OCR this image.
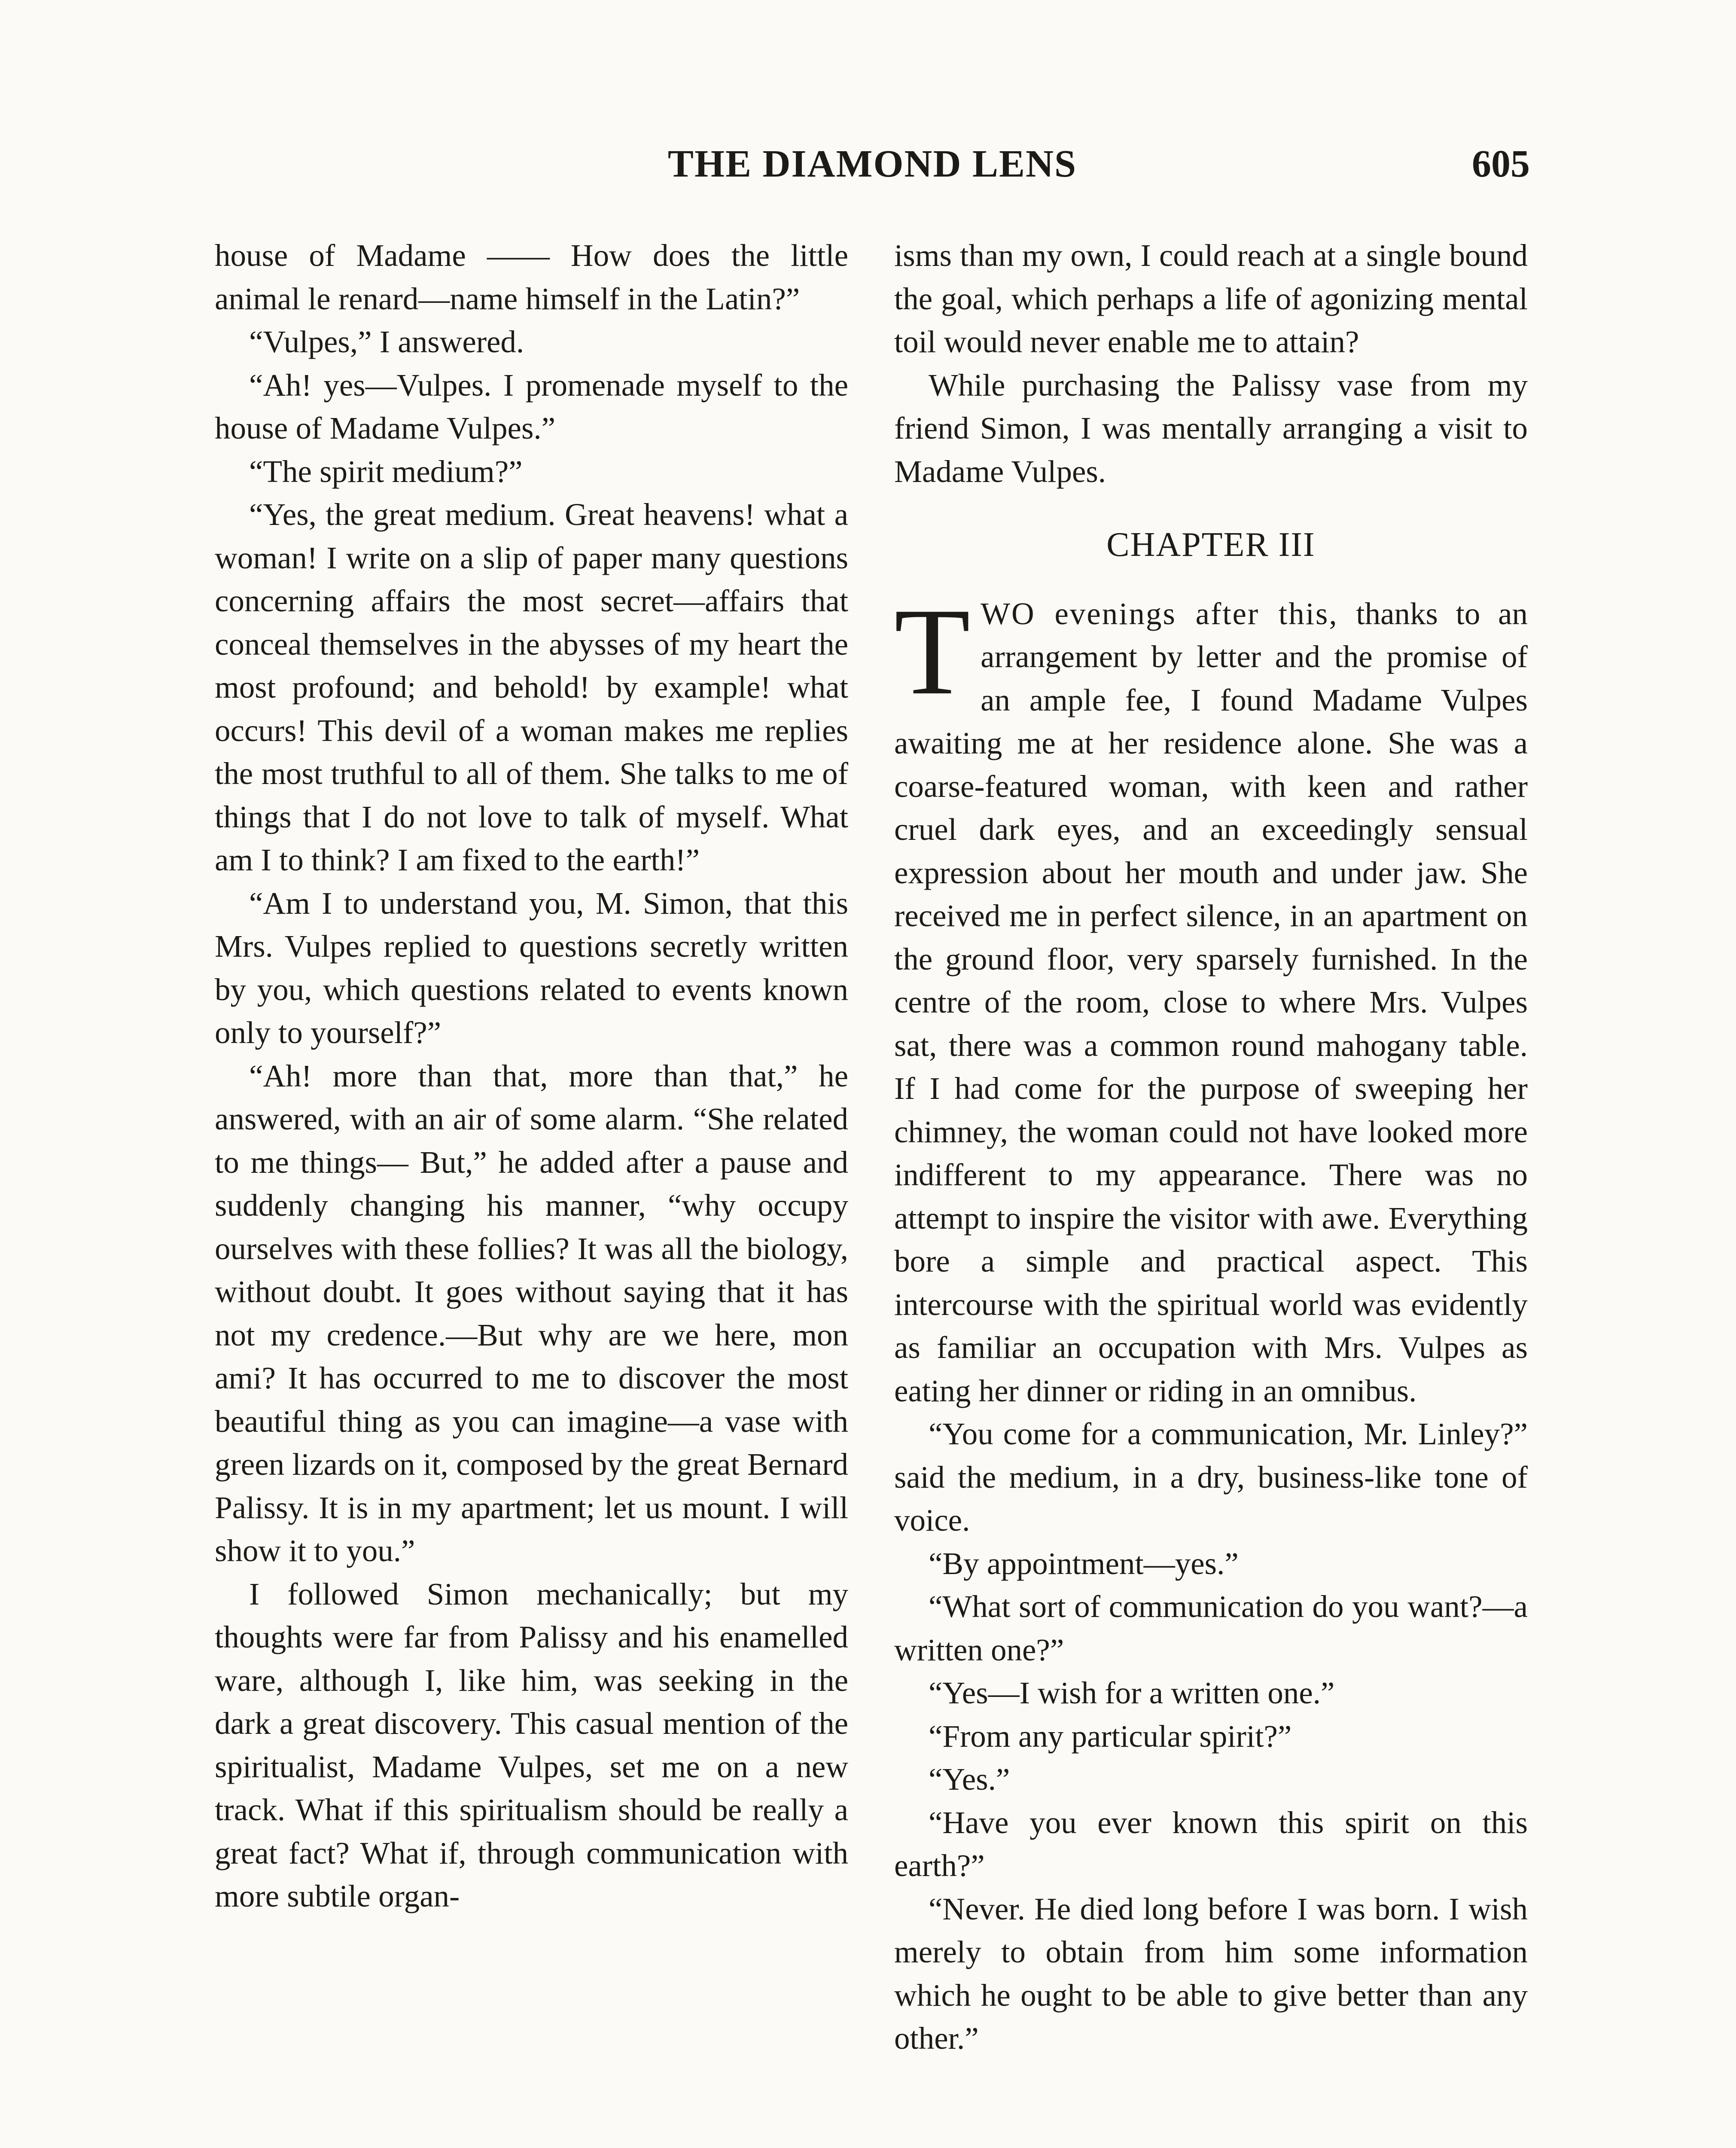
THE DIAMOND LENS	605

house of Madame —— How does the little animal le renard—name himself in the Latin?”

“Vulpes,” I answered.

“Ah! yes—Vulpes. I promenade myself to the house of Madame Vulpes.”

“The spirit medium?”

“Yes, the great medium. Great heavens! what a woman! I write on a slip of paper many questions concerning affairs the most secret—affairs that conceal themselves in the abysses of my heart the most profound; and behold! by example! what occurs! This devil of a woman makes me replies the most truthful to all of them. She talks to me of things that I do not love to talk of myself. What am I to think? I am fixed to the earth!”

“Am I to understand you, M. Simon, that this Mrs. Vulpes replied to questions secretly written by you, which questions related to events known only to yourself?”

“Ah! more than that, more than that,” he answered, with an air of some alarm. “She related to me things— But,” he added after a pause and suddenly changing his manner, “why occupy ourselves with these follies? It was all the biology, without doubt. It goes without saying that it has not my credence.—But why are we here, mon ami? It has occurred to me to discover the most beautiful thing as you can imagine—a vase with green lizards on it, composed by the great Bernard Palissy. It is in my apartment; let us mount. I will show it to you.”

I followed Simon mechanically; but my thoughts were far from Palissy and his enamelled ware, although I, like him, was seeking in the dark a great discovery. This casual mention of the spiritualist, Madame Vulpes, set me on a new track. What if this spiritualism should be really a great fact? What if, through communication with more subtile organ-

isms than my own, I could reach at a single bound the goal, which perhaps a life of agonizing mental toil would never enable me to attain?

While purchasing the Palissy vase from my friend Simon, I was mentally arranging a visit to Madame Vulpes.

CHAPTER III

TWO evenings after this, thanks to an arrangement by letter and the promise of an ample fee, I found Madame Vulpes awaiting me at her residence alone. She was a coarse-featured woman, with keen and rather cruel dark eyes, and an exceedingly sensual expression about her mouth and under jaw. She received me in perfect silence, in an apartment on the ground floor, very sparsely furnished. In the centre of the room, close to where Mrs. Vulpes sat, there was a common round mahogany table. If I had come for the purpose of sweeping her chimney, the woman could not have looked more indifferent to my appearance. There was no attempt to inspire the visitor with awe. Everything bore a simple and practical aspect. This intercourse with the spiritual world was evidently as familiar an occupation with Mrs. Vulpes as eating her dinner or riding in an omnibus.

“You come for a communication, Mr. Linley?” said the medium, in a dry, business-like tone of voice.

“By appointment—yes.”

“What sort of communication do you want?—a written one?”

“Yes—I wish for a written one.”

“From any particular spirit?”

“Yes.”

“Have you ever known this spirit on this earth?”

“Never. He died long before I was born. I wish merely to obtain from him some information which he ought to be able to give better than any other.”
